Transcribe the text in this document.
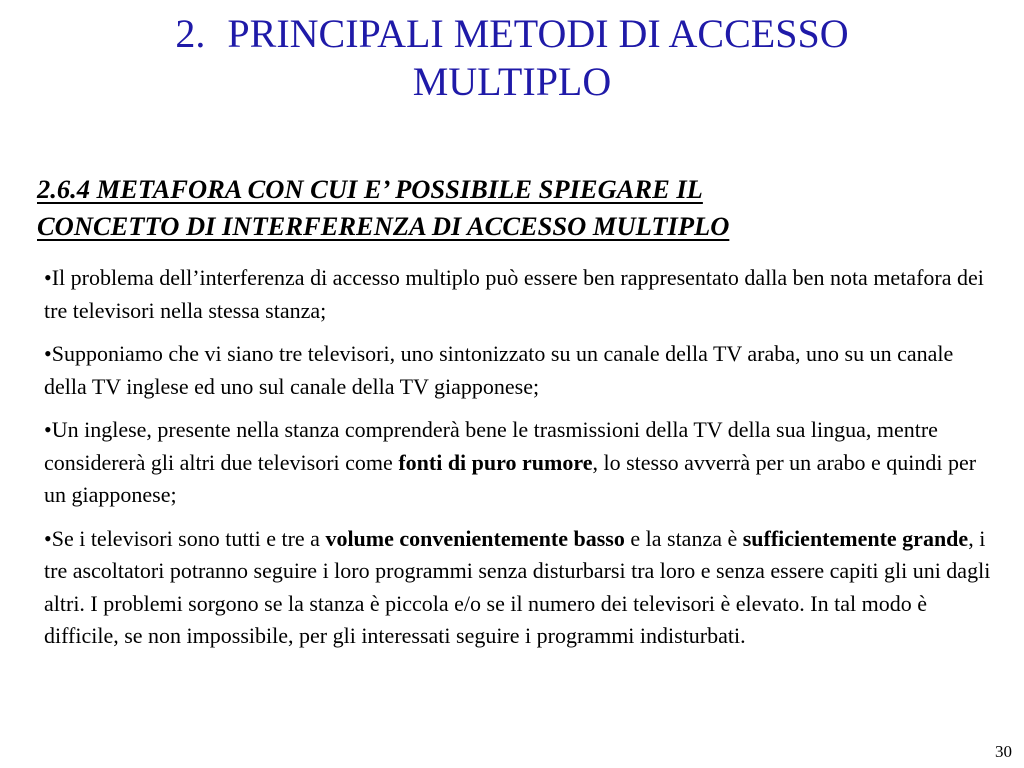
2. PRINCIPALI METODI DI ACCESSO
MULTIPLO
2.6.4 METAFORA CON CUI E’ POSSIBILE SPIEGARE IL
CONCETTO DI INTERFERENZA DI ACCESSO MULTIPLO
•Il problema dell’interferenza di accesso multiplo può essere ben rappresentato dalla ben nota metafora dei tre televisori nella stessa stanza;
•Supponiamo che vi siano tre televisori, uno sintonizzato su un canale della TV araba, uno su un canale della TV inglese ed uno sul canale della TV giapponese;
•Un inglese, presente nella stanza comprenderà bene le trasmissioni della TV della sua lingua, mentre considererà gli altri due televisori come fonti di puro rumore, lo stesso avverrà per un arabo e quindi per un giapponese;
•Se i televisori sono tutti e tre a volume convenientemente basso e la stanza è sufficientemente grande, i tre ascoltatori potranno seguire i loro programmi senza disturbarsi tra loro e senza essere capiti gli uni dagli altri. I problemi sorgono se la stanza è piccola e/o se il numero dei televisori è elevato. In tal modo è difficile, se non impossibile, per gli interessati seguire i programmi indisturbati.
30
